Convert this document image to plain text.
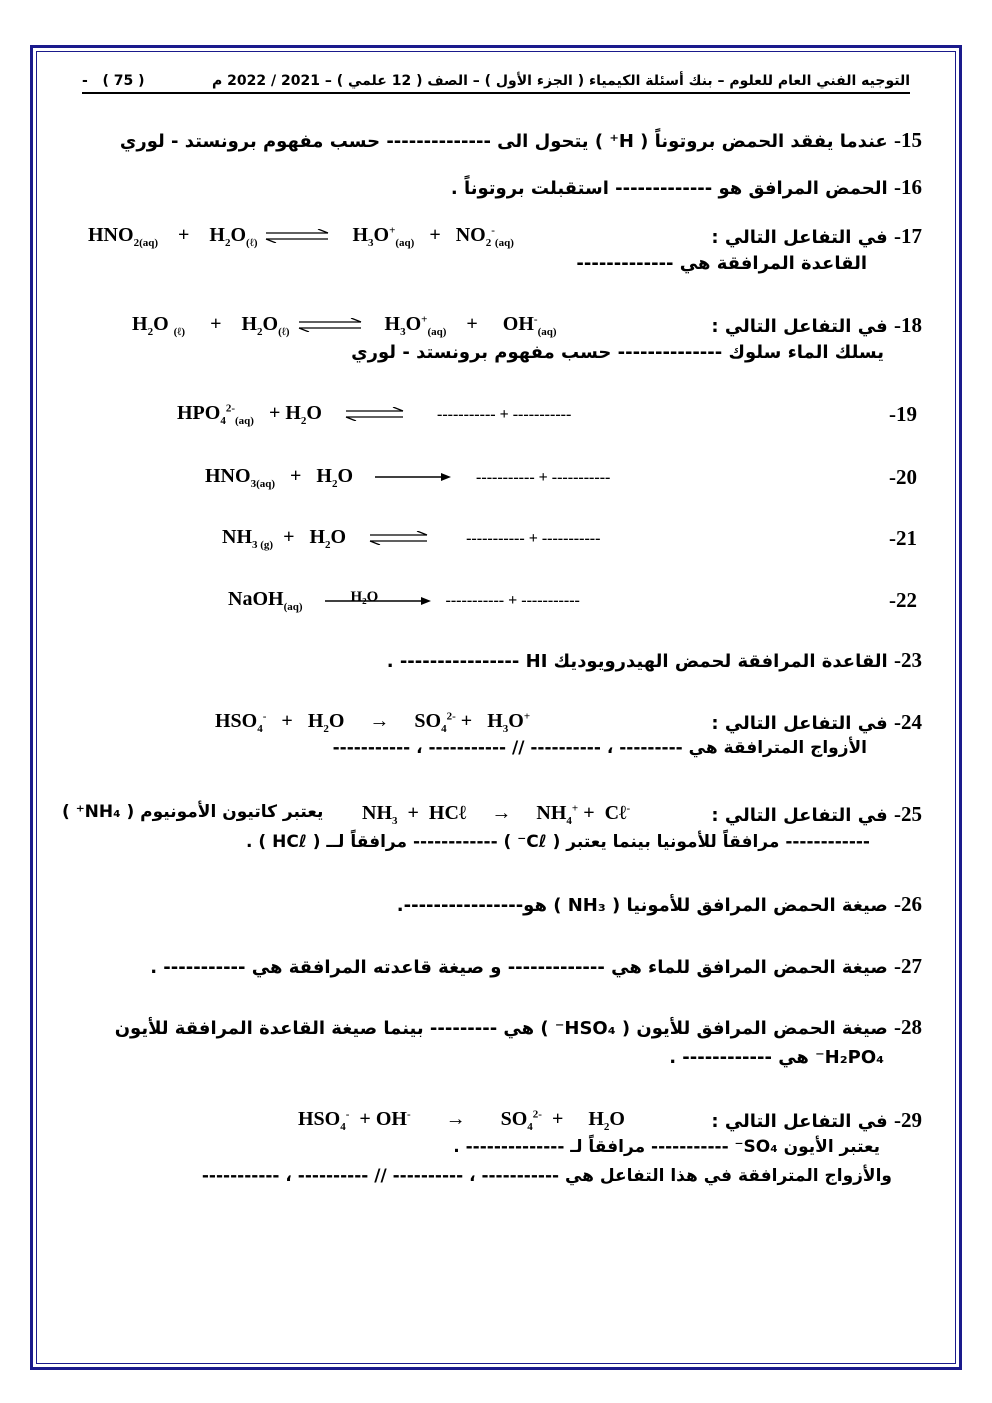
التوجيه الفني العام للعلوم – بنك أسئلة الكيمياء ( الجزء الأول ) – الصف ( 12 علمي ) – 2021 / 2022 م
- ( 75 )
15- عندما يفقد الحمض بروتوناً ( H⁺ ) يتحول الى -------------- حسب مفهوم برونستد - لوري
16- الحمض المرافق هو ------------- استقبلت بروتوناً .
17- في التفاعل التالي :
$HNO_{2(aq)}$    +    $H_2O_{(\ell)}$ ⇌ $H_3O^+_{(aq)} + NO_2^-_{(aq)}$
القاعدة المرافقة هي -------------
18- في التفاعل التالي :
$H_2O$ $_{(\ell)}$     +    $H_2O_{(\ell)}$ ⇌ $H_3O^+_{(aq)}$    +     $OH^-_{(aq)}$
يسلك الماء سلوك -------------- حسب مفهوم برونستد - لوري
$HPO_4^{2-}_{(aq)} + H_2O$ ⇌ ----------- + -----------	-19
$HNO_{3(aq)} + H_2O$ → ----------- + -----------	-20
$NH_{3 (g)} + H_2O$ ⇌ ----------- + -----------	-21
NaOH$_{(aq)}$
H₂O	----------- + -----------	-22
23- القاعدة المرافقة لحمض الهيدرويوديك HI ---------------- .
24- في التفاعل التالي :
$HSO_4^- + H_2O$     →     $SO_4^{2-} + H_3O^+$
الأزواج المترافقة هي --------- ، ---------- // ----------- ، -----------
25- في التفاعل التالي :
$NH_3$  +  HCℓ     →     $NH_4^+$ +  Cℓ-
يعتبر كاتيون الأمونيوم ( NH₄⁺ )
------------ مرافقاً للأمونيا بينما يعتبر ( Cℓ⁻ ) ------------ مرافقاً لــ ( HCℓ ) .
26- صيغة الحمض المرافق للأمونيا ( NH₃ ) هو----------------.
27- صيغة الحمض المرافق للماء هي ------------- و صيغة قاعدته المرافقة هي ----------- .
28- صيغة الحمض المرافق للأيون ( HSO₄⁻ ) هي --------- بينما صيغة القاعدة المرافقة للأيون
H₂PO₄⁻ هي ------------ .
29- في التفاعل التالي :
$HSO_4^- + OH^-$       →       $SO_4^{2-}$  +     $H_2O$
يعتبر الأيون SO₄⁻ ----------- مرافقاً لـ -------------- .
والأزواج المترافقة في هذا التفاعل هي ----------- ، ---------- // ---------- ، -----------
